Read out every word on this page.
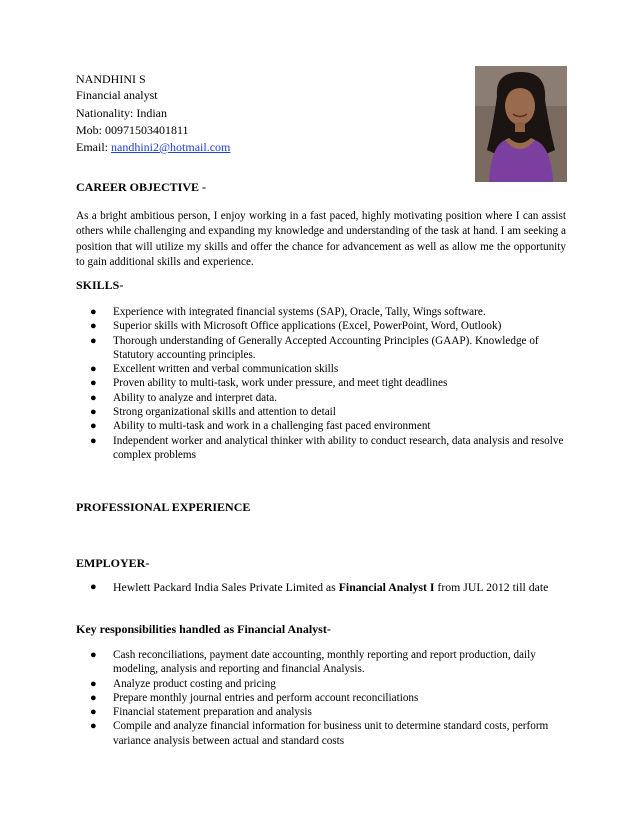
NANDHINI S
Financial analyst
Nationality: Indian
Mob: 00971503401811
Email: nandhini2@hotmail.com
CAREER OBJECTIVE -
As a bright ambitious person, I enjoy working in a fast paced, highly motivating position where I can assist others while challenging and expanding my knowledge and understanding of the task at hand. I am seeking a position that will utilize my skills and offer the chance for advancement as well as allow me the opportunity to gain additional skills and experience.
SKILLS-
● Experience with integrated financial systems (SAP), Oracle, Tally, Wings software.
● Superior skills with Microsoft Office applications (Excel, PowerPoint, Word, Outlook)
● Thorough understanding of Generally Accepted Accounting Principles (GAAP). Knowledge of Statutory accounting principles.
● Excellent written and verbal communication skills
● Proven ability to multi-task, work under pressure, and meet tight deadlines
● Ability to analyze and interpret data.
● Strong organizational skills and attention to detail
● Ability to multi-task and work in a challenging fast paced environment
● Independent worker and analytical thinker with ability to conduct research, data analysis and resolve complex problems
PROFESSIONAL EXPERIENCE
EMPLOYER-
●	Hewlett Packard India Sales Private Limited as Financial Analyst I from JUL 2012 till date
Key responsibilities handled as Financial Analyst-
● Cash reconciliations, payment date accounting, monthly reporting and report production, daily modeling, analysis and reporting and financial Analysis.
● Analyze product costing and pricing
● Prepare monthly journal entries and perform account reconciliations
● Financial statement preparation and analysis
● Compile and analyze financial information for business unit to determine standard costs, perform variance analysis between actual and standard costs
